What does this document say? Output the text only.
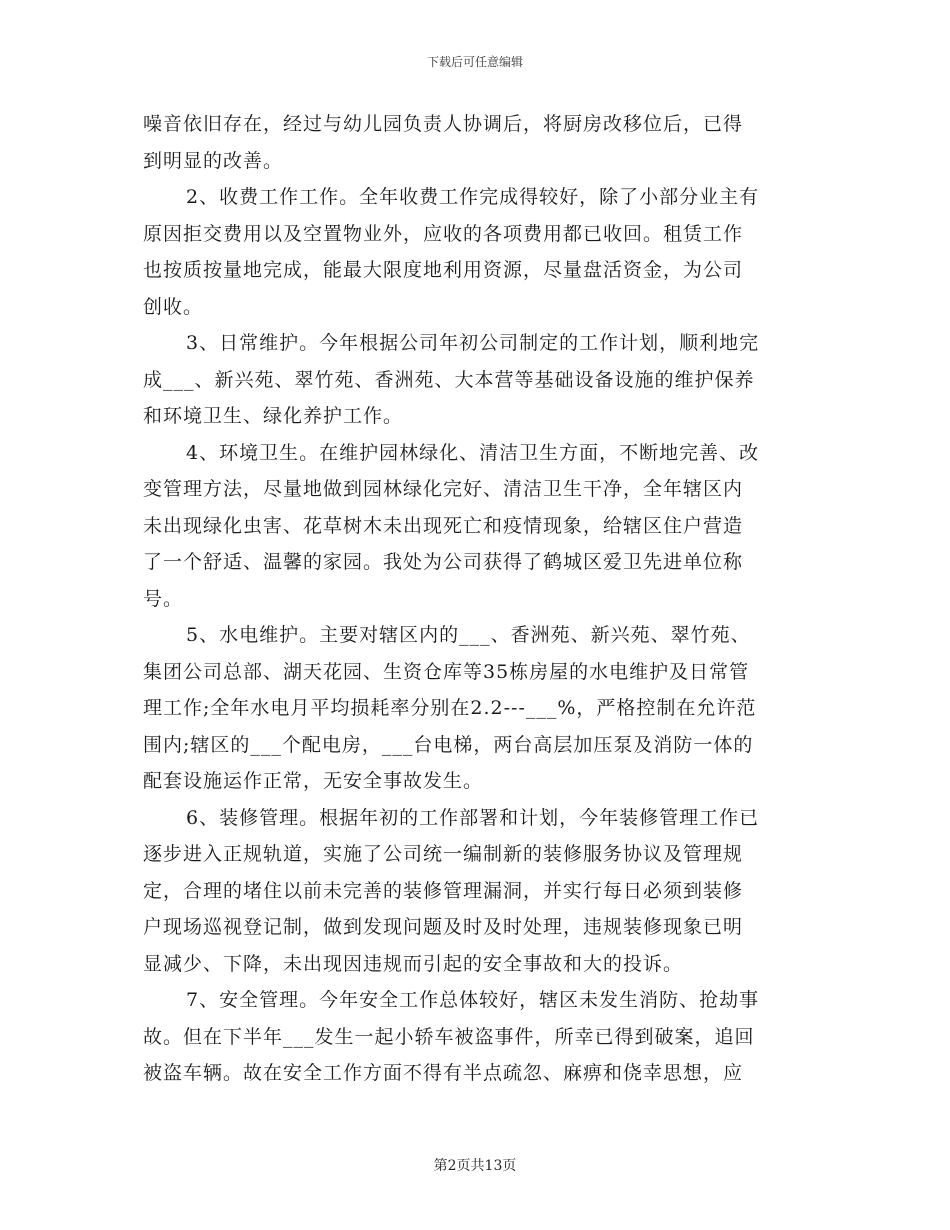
下载后可任意编辑
噪音依旧存在，经过与幼儿园负责人协调后，将厨房改移位后，已得
到明显的改善。
2、收费工作工作。全年收费工作完成得较好，除了小部分业主有
原因拒交费用以及空置物业外，应收的各项费用都已收回。租赁工作
也按质按量地完成，能最大限度地利用资源，尽量盘活资金，为公司
创收。
3、日常维护。今年根据公司年初公司制定的工作计划，顺利地完
成___、新兴苑、翠竹苑、香洲苑、大本营等基础设备设施的维护保养
和环境卫生、绿化养护工作。
4、环境卫生。在维护园林绿化、清洁卫生方面，不断地完善、改
变管理方法，尽量地做到园林绿化完好、清洁卫生干净，全年辖区内
未出现绿化虫害、花草树木未出现死亡和疫情现象，给辖区住户营造
了一个舒适、温馨的家园。我处为公司获得了鹤城区爱卫先进单位称
号。
5、水电维护。主要对辖区内的___、香洲苑、新兴苑、翠竹苑、
集团公司总部、湖天花园、生资仓库等35栋房屋的水电维护及日常管
理工作;全年水电月平均损耗率分别在2.2---___%，严格控制在允许范
围内;辖区的___个配电房，___台电梯，两台高层加压泵及消防一体的
配套设施运作正常，无安全事故发生。
6、装修管理。根据年初的工作部署和计划，今年装修管理工作已
逐步进入正规轨道，实施了公司统一编制新的装修服务协议及管理规
定，合理的堵住以前未完善的装修管理漏洞，并实行每日必须到装修
户现场巡视登记制，做到发现问题及时及时处理，违规装修现象已明
显减少、下降，未出现因违规而引起的安全事故和大的投诉。
7、安全管理。今年安全工作总体较好，辖区未发生消防、抢劫事
故。但在下半年___发生一起小轿车被盗事件，所幸已得到破案，追回
被盗车辆。故在安全工作方面不得有半点疏忽、麻痹和侥幸思想，应
第2页共13页
